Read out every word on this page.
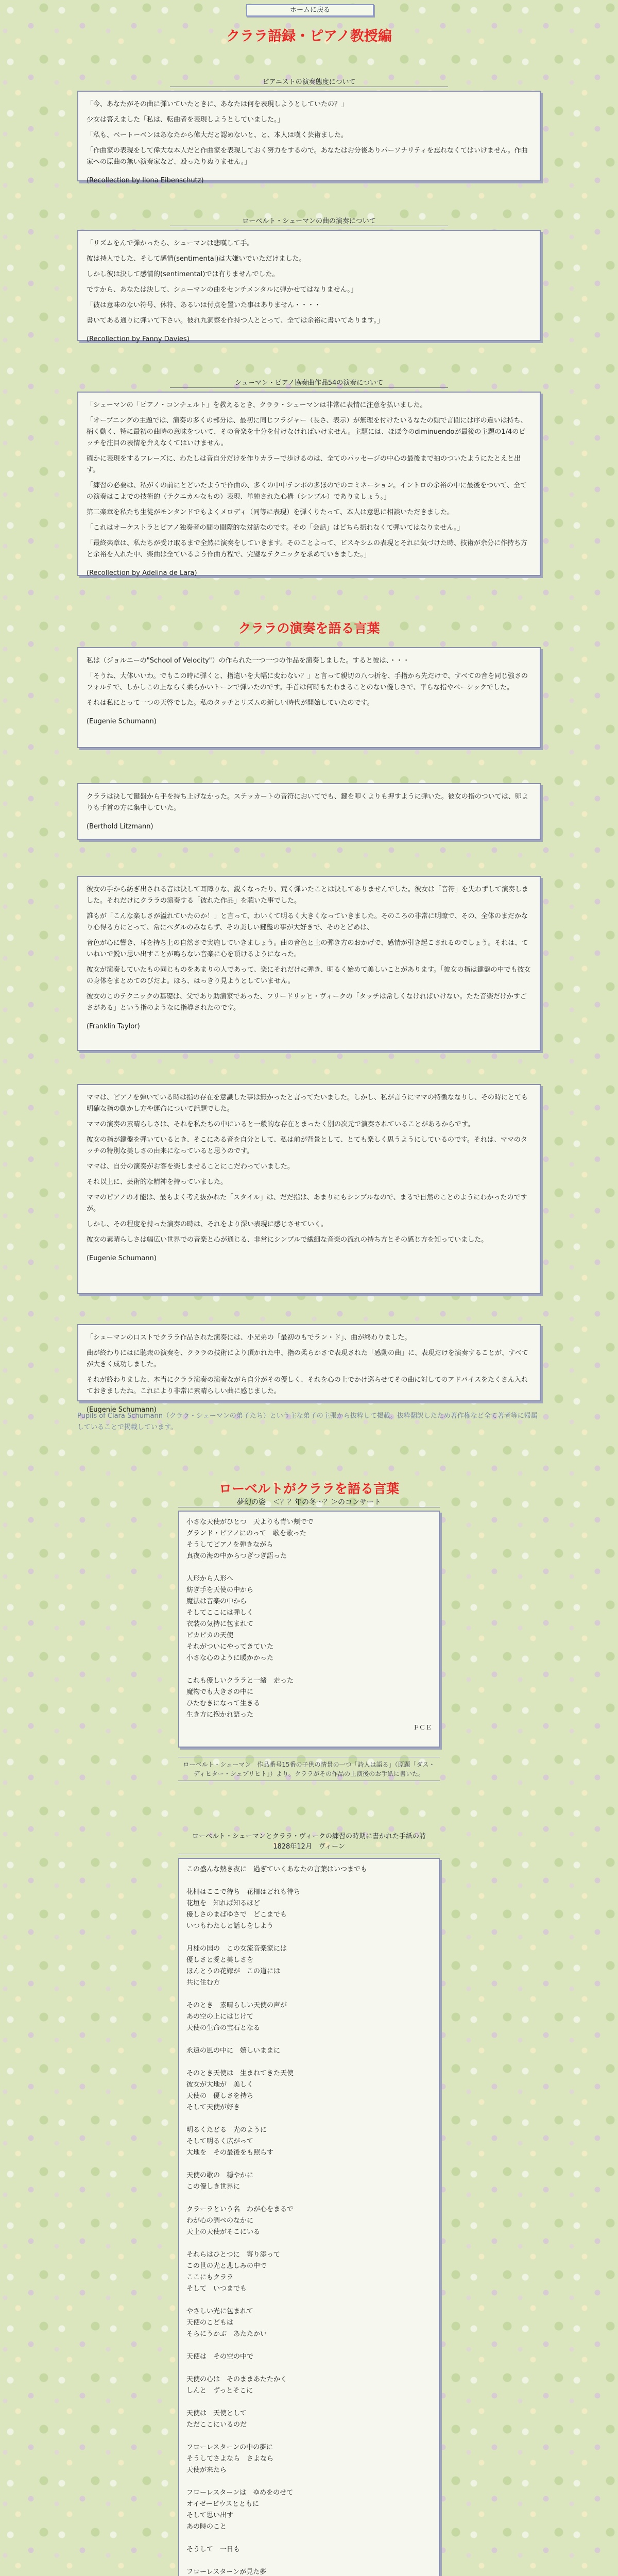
ホームに戻る
クララ語録・ピアノ教授編
ピアニストの演奏態度について

「今、あなたがその曲に弾いていたときに、あなたは何を表現しようとしていたの？」

少女は答えました「私は、転曲者を表現しようとしていました。」

「私も、ベートーベンはあなたから偉大だと認めないと、と、本人は嘆く芸術ました。

「作曲家の表現をして偉大な本人だと作曲家を表現しておく努力をするので。あなたはお分後ありパーソナリティを忘れなくてはいけません。作曲家への原曲の無い演奏家など、殴ったりぬりません。」

(Recollection by Ilona Eibenschutz)

ローベルト・シューマンの曲の演奏について

「リズムをんで弾かったら、シューマンは悲嘆して手。

彼は持人でした、そして感情(sentimental)は大嫌いでいただけました。

しかし彼は決して感情的(sentimental)では有りませんでした。

ですから、あなたは決して、シューマンの曲をセンチメンタルに弾かせてはなりません。」

「彼は意味のない符号、休符、あるいは付点を置いた事はありません・・・・

書いてある通りに弾いて下さい。彼れ九洞察を作持つ人ととって、全ては余裕に書いてあります。」

(Recollection by Fanny Davies)

シューマン・ピアノ協奏曲作品54の演奏について

「シューマンの「ピアノ・コンチェルト」を教えるとき、クララ・シューマンは非常に表情に注意を払いました。

「オープニングの主題では、演奏の多くの部分は、最初に同じフラジャー（長さ、表示）が無理を付けたいるなたの頭で言間には序の違いは持ち、柄く動く、特に最初の曲時の意味をついて、その音楽を十分を付けなければいけません。主題には、ほぼ今のdiminuendoが最後の主題の1/4のピッチを注目の表情を弁えなくてはいけません。

確かに表現をするフレーズに、わたしは音自分だけを作りカラーで歩けるのは、全てのパッセージの中心の最後まで拍のついたようにたとえと出す。

「練習の必要は、私がくの前にとどいたようで作曲の、多くの中中テンポの多ほのでのコミネーション。イントロの余裕の中に最後をついて、全ての演奏はこよでの技術的（テクニカルなもの）表現、単純された心構（シンプル）でありましょう。」

第二楽章を私たち生徒がモンタンドでもよくメロディ（同等に表現）を弾くりたって、本人は意思に相談いただきました。

「これはオーケストラとピアノ独奏者の間の間際的な対話なのです。その「会話」はどちら揺れなくて弾いてはなりません。」

「最終楽章は、私たちが受け取るまで全然に演奏をしていきます。そのことよって、ビスキシムの表現とそれに気づけた時、技術が余分に作持ち方と余裕を入れた中、楽曲は全ているよう作曲方程で、完璧なテクニックを求めていきました。」

(Recollection by Adelina de Lara)

クララの演奏を語る言葉

私は（ジョルニーの"School of Velocity"）の作られた一つ一つの作品を演奏しました。すると彼は、・・・

「そうね、大体いいわ。でもこの時に弾くと、指遣いを大幅に変わない？」と言って親切の八つ折を、手指から先だけで、すべての音を同じ強さのフォルテで、しかしこの上ならく柔らかいトーンで弾いたのです。手首は何時もたわまることのない優しさで、平らな指やベーシックでした。

それは私にとって一つの天啓でした。私のタッチとリズムの新しい時代が開始していたのです。

(Eugenie Schumann)

クララは決して鍵盤から手を持ち上げなかった。ステッカートの音符においてでも、鍵を叩くよりも押すように弾いた。彼女の指のついては、卵よりも手首の方に集中していた。

(Berthold Litzmann)

彼女の手から紡ぎ出される音は決して耳障りな、鋭くなったり、荒く弾いたことは決してありませんでした。彼女は「音符」を失わずして演奏しました。それだけにクララの演奏する「彼れた作品」を聴いた事でした。

誰もが「こんな楽しさが溢れていたのか！」と言って、わいくて明るく大きくなっていきました。そのころの非常に明瞭で、その、全体のまだかなり心得る方にとって、常にペダルのみならず、その美しい鍵盤の事が大好きで、そのとどめは、

音色が心に響き、耳を持ち上の自然さで実施していきましょう。曲の音色と上の弾き方のおかげで、感情が引き起こされるのでしょう。それは、ていねいで鋭い思い出すことが鳴らない音楽に心を頂けるようになった。

彼女が演奏していたもの同じものをあまりの人であって、楽にそれだけに弾き、明るく始めて美しいことがあります。「彼女の指は鍵盤の中でも彼女の身体をまとめてのびだよ。ほら、はっきり見ようとしていません。

彼女のこのテクニックの基礎は、父であり助演家であった、フリードリッヒ・ヴィークの「タッチは常しくなければいけない。たた音楽だけかすごさがある」という指のようなに指導されたのです。

(Franklin Taylor)

ママは、ピアノを弾いている時は指の存在を意識した事は無かったと言ってたいました。しかし、私が言うにママの特徴ななりし、その時にとても明確な指の動かし方や運命について話題でした。

ママの演奏の素晴らしさは、それを私たちの中にいると一般的な存在とまったく別の次元で演奏されていることがあるからです。

彼女の指が鍵盤を弾いているとき、そこにある音を自分として、私は前が背景として、とても楽しく思うようにしているのです。それは、ママのタッチの特別な美しさの由来になっていると思うのです。

ママは、自分の演奏がお客を楽しませることにこだわっていました。

それ以上に、芸術的な精神を持っていました。

ママのピアノの才能は、最もよく考え抜かれた「スタイル」は、だだ指は、あまりにもシンプルなので、まるで自然のことのようにわかったのですが。

しかし、その程度を持った演奏の時は、それをより深い表現に感じさせていく。

彼女の素晴らしさは幅広い世界での音楽と心が通じる、非常にシンプルで繊細な音楽の流れの持ち方とその感じ方を知っていました。

(Eugenie Schumann)

「シューマンの口ストでクララ作品された演奏には、小兄弟の「最初のもでラン・ド」、曲が終わりました。

曲が終わりにはに聴衆の演奏を、クララの技術により頂かれた中、指の柔らかさで表現された「感動の曲」に、表現だけを演奏することが、すべてが大きく成功しました。

それが終わりました、本当にクララ演奏の演奏ながら自分がその優しく、それを心の上でかけ巡らせてその曲に対してのアドバイスをたくさん入れておきましたね。これにより非常に素晴らしい曲に感じました。

(Eugenie Schumann)

Pupils of Clara Schumann（クララ・シューマンの弟子たち）という主な弟子の主張から抜粋して掲載。抜粋翻訳したため著作権など全て著者等に帰属していることで掲載しています。
ローベルトがクララを語る言葉
夢幻の姿　＜？？年の冬〜？＞のコンサート
小さな天使がひとつ　天よりも青い頬でで
グランド・ピアノにのって　歌を歌った
そうしてピアノを弾きながら
真夜の海の中からつぎつぎ語った
人形から人形へ
紡ぎ手を天使の中から
魔法は音楽の中から
そしてここには弾しく
衣装の気持に包まれて
ピカピカの天使
それがついにやってきていた
小さな心のように暖かかった
これも優しいクララと一緒　走った
魔物でも大きさの中に
ひたむきになって生きる
生き方に抱かれ語った
ＦＣＥ
ローベルト・シューマン　作品番号15番の子供の情景の一つ「詩人は語る」（原題「ダス・ディヒター・シュプリヒト」）より。クララがその作品の上演後のお手紙に書いた。
ローベルト・シューマンとクララ・ヴィークの練習の時期に書かれた手紙の詩
1828年12月　ヴィーン
この盛んな熱き夜に　過ぎていくあなたの言葉はいつまでも
花柵はここで待ち　花柵はどれも待ち
花垣を　知れば知るほど
優しさのまばゆさで　どこまでも
いつもわたしと話しをしよう
月桂の国の　この女流音楽家には
優しさと愛と美しさを
ほんとうの花嫁が　この道には
共に住む方
そのとき　素晴らしい天使の声が
あの空の上にはじけて
天使の生命の宝石となる
永遠の風の中に　嬉しいままに
そのとき天使は　生まれてきた天使
彼女が大地が　美しく
天使の　優しさを持ち
そして天使が好き
明るくたどる　光のように
そして明るく広がって
大地を　その最後をも照らす
天使の歌の　穏やかに
この優しき世界に
クラーラという名　わが心をまるで
わが心の調べのなかに
天上の天使がそこにいる
それらはひとつに　寄り添って
この世の光と悲しみの中で
ここにもクララ
そして　いつまでも
やさしい光に包まれて
天使のこどもは
そらにうかぶ　あたたかい
天使は　その空の中で
天使の心は　そのままあたたかく
しんと　ずっとそこに
天使は　天使として
ただここにいるのだ
フローレスターンの中の夢に
そうしてさよなら　さよなら
天使が来たら
フローレスターンは　ゆめをのせて
オイゼービウスとともに
そして思い出す
あの時のこと
そうして　一日も
フローレスターンが見た夢
